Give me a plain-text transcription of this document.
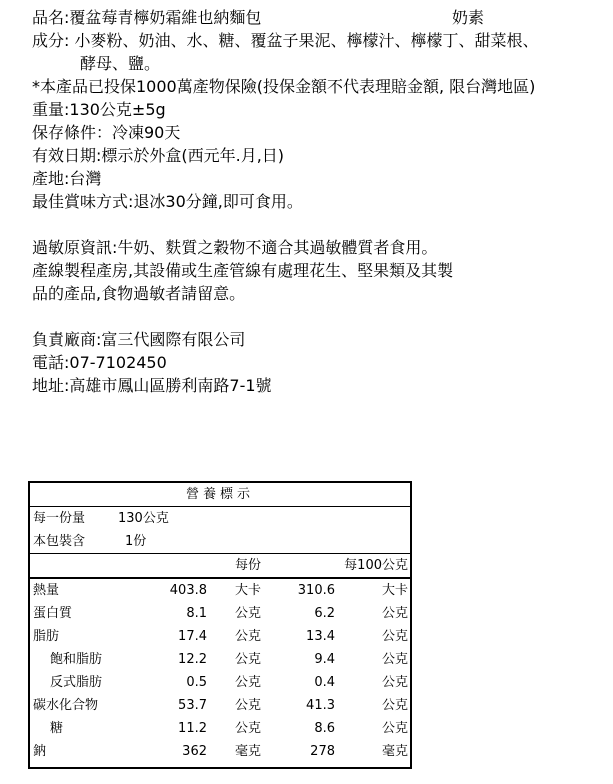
品名:覆盆莓青檸奶霜維也納麵包	奶素
成分: 小麥粉、奶油、水、糖、覆盆子果泥、檸檬汁、檸檬丁、甜菜根、
酵母、鹽。
*本產品已投保1000萬產物保險(投保金額不代表理賠金額, 限台灣地區)
重量:130公克±5g
保存條件：冷凍90天
有效日期:標示於外盒(西元年.月,日)
產地:台灣
最佳賞味方式:退冰30分鐘,即可食用。
過敏原資訊:牛奶、麩質之穀物不適合其過敏體質者食用。
產線製程產房,其設備或生產管線有處理花生、堅果類及其製
品的產品,食物過敏者請留意。
負責廠商:富三代國際有限公司
電話:07-7102450
地址:高雄市鳳山區勝利南路7-1號
營養標示
每一份量	130公克
本包裝含	1份
每份	每100公克
熱量	403.8 大卡	310.6	大卡
蛋白質	8.1 公克	6.2	公克
脂肪	17.4 公克	13.4	公克
飽和脂肪	12.2 公克	9.4	公克
反式脂肪	0.5 公克	0.4	公克
碳水化合物	53.7 公克	41.3	公克
糖	11.2 公克	8.6	公克
鈉	362 毫克	278	毫克
